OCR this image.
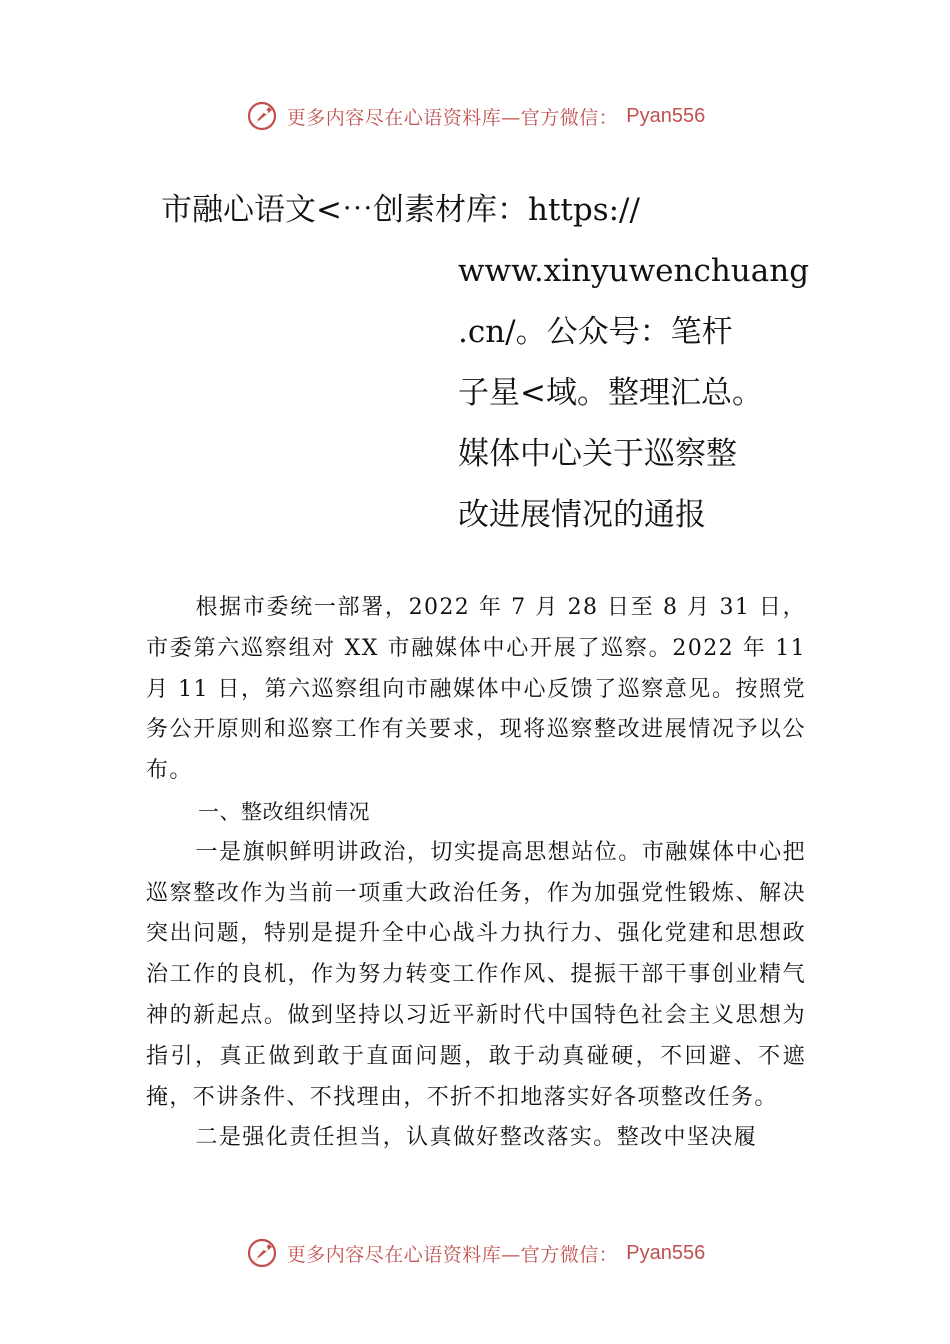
更多内容尽在心语资料库—官方微信： Pyan556
市融心语文<⋯创素材库：https://
www.xinyuwenchuang
.cn/。公众号：笔杆
子星<域。整理汇总。
媒体中心关于巡察整
改进展情况的通报

根据市委统一部署，2022 年 7 月 28 日至 8 月 31 日，市委第六巡察组对 XX 市融媒体中心开展了巡察。2022 年 11 月 11 日，第六巡察组向市融媒体中心反馈了巡察意见。按照党务公开原则和巡察工作有关要求，现将巡察整改进展情况予以公布。

一、整改组织情况

一是旗帜鲜明讲政治，切实提高思想站位。市融媒体中心把巡察整改作为当前一项重大政治任务，作为加强党性锻炼、解决突出问题，特别是提升全中心战斗力执行力、强化党建和思想政治工作的良机，作为努力转变工作作风、提振干部干事创业精气神的新起点。做到坚持以习近平新时代中国特色社会主义思想为指引，真正做到敢于直面问题，敢于动真碰硬，不回避、不遮掩，不讲条件、不找理由，不折不扣地落实好各项整改任务。

二是强化责任担当，认真做好整改落实。整改中坚决履

更多内容尽在心语资料库—官方微信： Pyan556
